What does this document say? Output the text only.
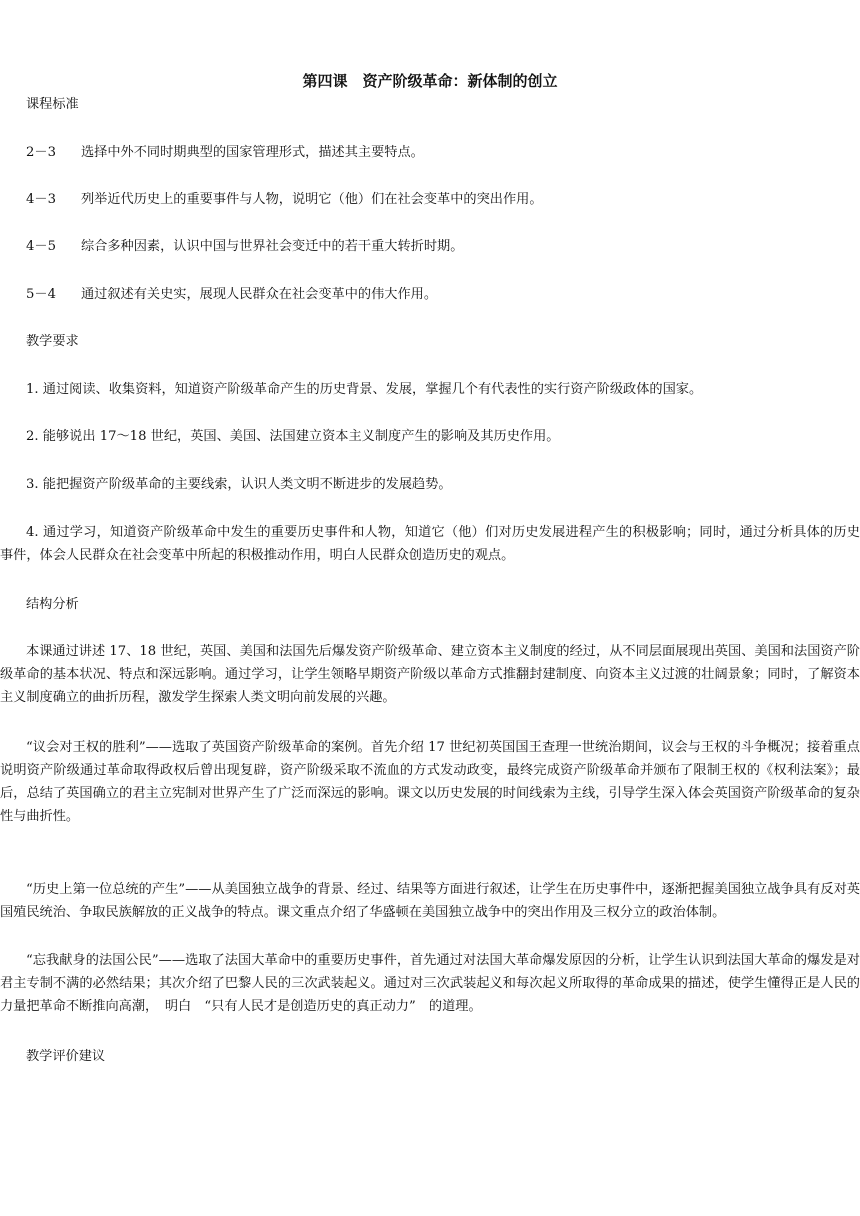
第四课　资产阶级革命：新体制的创立

课程标准

2－3 选择中外不同时期典型的国家管理形式，描述其主要特点。

4－3 列举近代历史上的重要事件与人物，说明它（他）们在社会变革中的突出作用。

4－5 综合多种因素，认识中国与世界社会变迁中的若干重大转折时期。

5－4 通过叙述有关史实，展现人民群众在社会变革中的伟大作用。

教学要求

1. 通过阅读、收集资料，知道资产阶级革命产生的历史背景、发展，掌握几个有代表性的实行资产阶级政体的国家。

2. 能够说出 17～18 世纪，英国、美国、法国建立资本主义制度产生的影响及其历史作用。

3. 能把握资产阶级革命的主要线索，认识人类文明不断进步的发展趋势。

4. 通过学习，知道资产阶级革命中发生的重要历史事件和人物，知道它（他）们对历史发展进程产生的积极影响；同时，通过分析具体的历史事件，体会人民群众在社会变革中所起的积极推动作用，明白人民群众创造历史的观点。

结构分析

本课通过讲述 17、18 世纪，英国、美国和法国先后爆发资产阶级革命、建立资本主义制度的经过，从不同层面展现出英国、美国和法国资产阶级革命的基本状况、特点和深远影响。通过学习，让学生领略早期资产阶级以革命方式推翻封建制度、向资本主义过渡的壮阔景象；同时，了解资本主义制度确立的曲折历程，激发学生探索人类文明向前发展的兴趣。

“议会对王权的胜利”——选取了英国资产阶级革命的案例。首先介绍 17 世纪初英国国王查理一世统治期间，议会与王权的斗争概况；接着重点说明资产阶级通过革命取得政权后曾出现复辟，资产阶级采取不流血的方式发动政变，最终完成资产阶级革命并颁布了限制王权的《权利法案》；最后，总结了英国确立的君主立宪制对世界产生了广泛而深远的影响。课文以历史发展的时间线索为主线，引导学生深入体会英国资产阶级革命的复杂性与曲折性。

“历史上第一位总统的产生”——从美国独立战争的背景、经过、结果等方面进行叙述，让学生在历史事件中，逐渐把握美国独立战争具有反对英国殖民统治、争取民族解放的正义战争的特点。课文重点介绍了华盛顿在美国独立战争中的突出作用及三权分立的政治体制。

“忘我献身的法国公民”——选取了法国大革命中的重要历史事件，首先通过对法国大革命爆发原因的分析，让学生认识到法国大革命的爆发是对君主专制不满的必然结果；其次介绍了巴黎人民的三次武装起义。通过对三次武装起义和每次起义所取得的革命成果的描述，使学生懂得正是人民的力量把革命不断推向高潮，　明白　“只有人民才是创造历史的真正动力”　的道理。

教学评价建议
